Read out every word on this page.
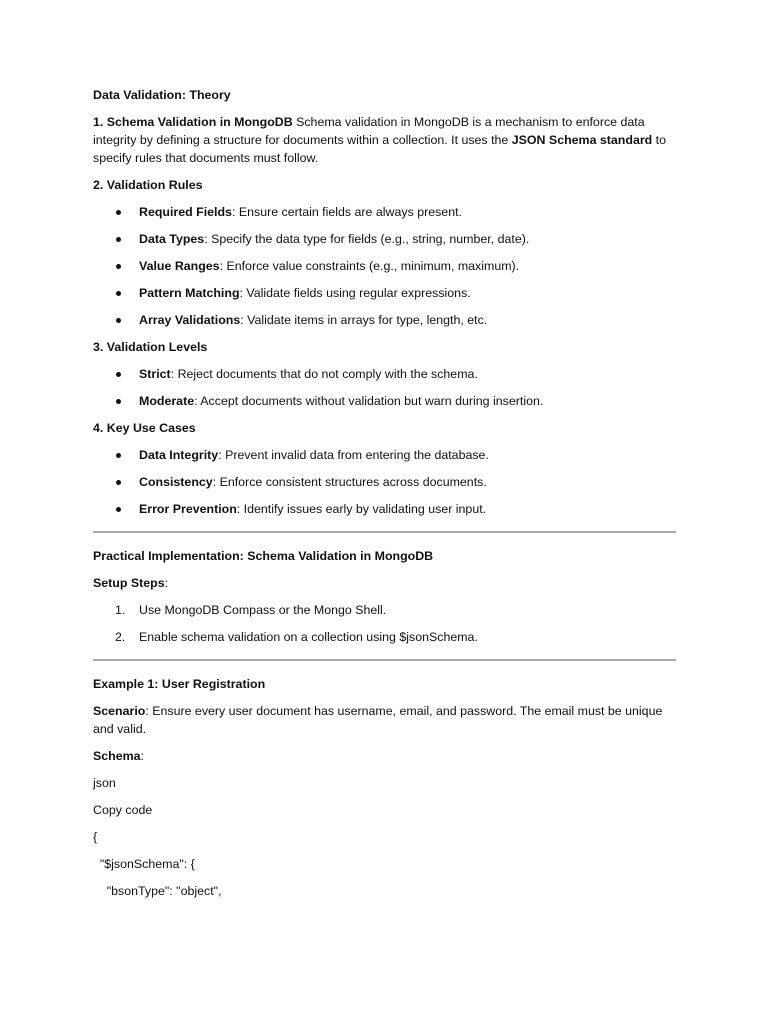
Data Validation: Theory

1. Schema Validation in MongoDB Schema validation in MongoDB is a mechanism to enforce data integrity by defining a structure for documents within a collection. It uses the JSON Schema standard to specify rules that documents must follow.

2. Validation Rules

Required Fields: Ensure certain fields are always present.
Data Types: Specify the data type for fields (e.g., string, number, date).
Value Ranges: Enforce value constraints (e.g., minimum, maximum).
Pattern Matching: Validate fields using regular expressions.
Array Validations: Validate items in arrays for type, length, etc.

3. Validation Levels

Strict: Reject documents that do not comply with the schema.
Moderate: Accept documents without validation but warn during insertion.

4. Key Use Cases

Data Integrity: Prevent invalid data from entering the database.
Consistency: Enforce consistent structures across documents.
Error Prevention: Identify issues early by validating user input.

Practical Implementation: Schema Validation in MongoDB

Setup Steps:

1. Use MongoDB Compass or the Mongo Shell.
2. Enable schema validation on a collection using $jsonSchema.

Example 1: User Registration

Scenario: Ensure every user document has username, email, and password. The email must be unique and valid.

Schema:

json

Copy code

{
"$jsonSchema": {
"bsonType": "object",
